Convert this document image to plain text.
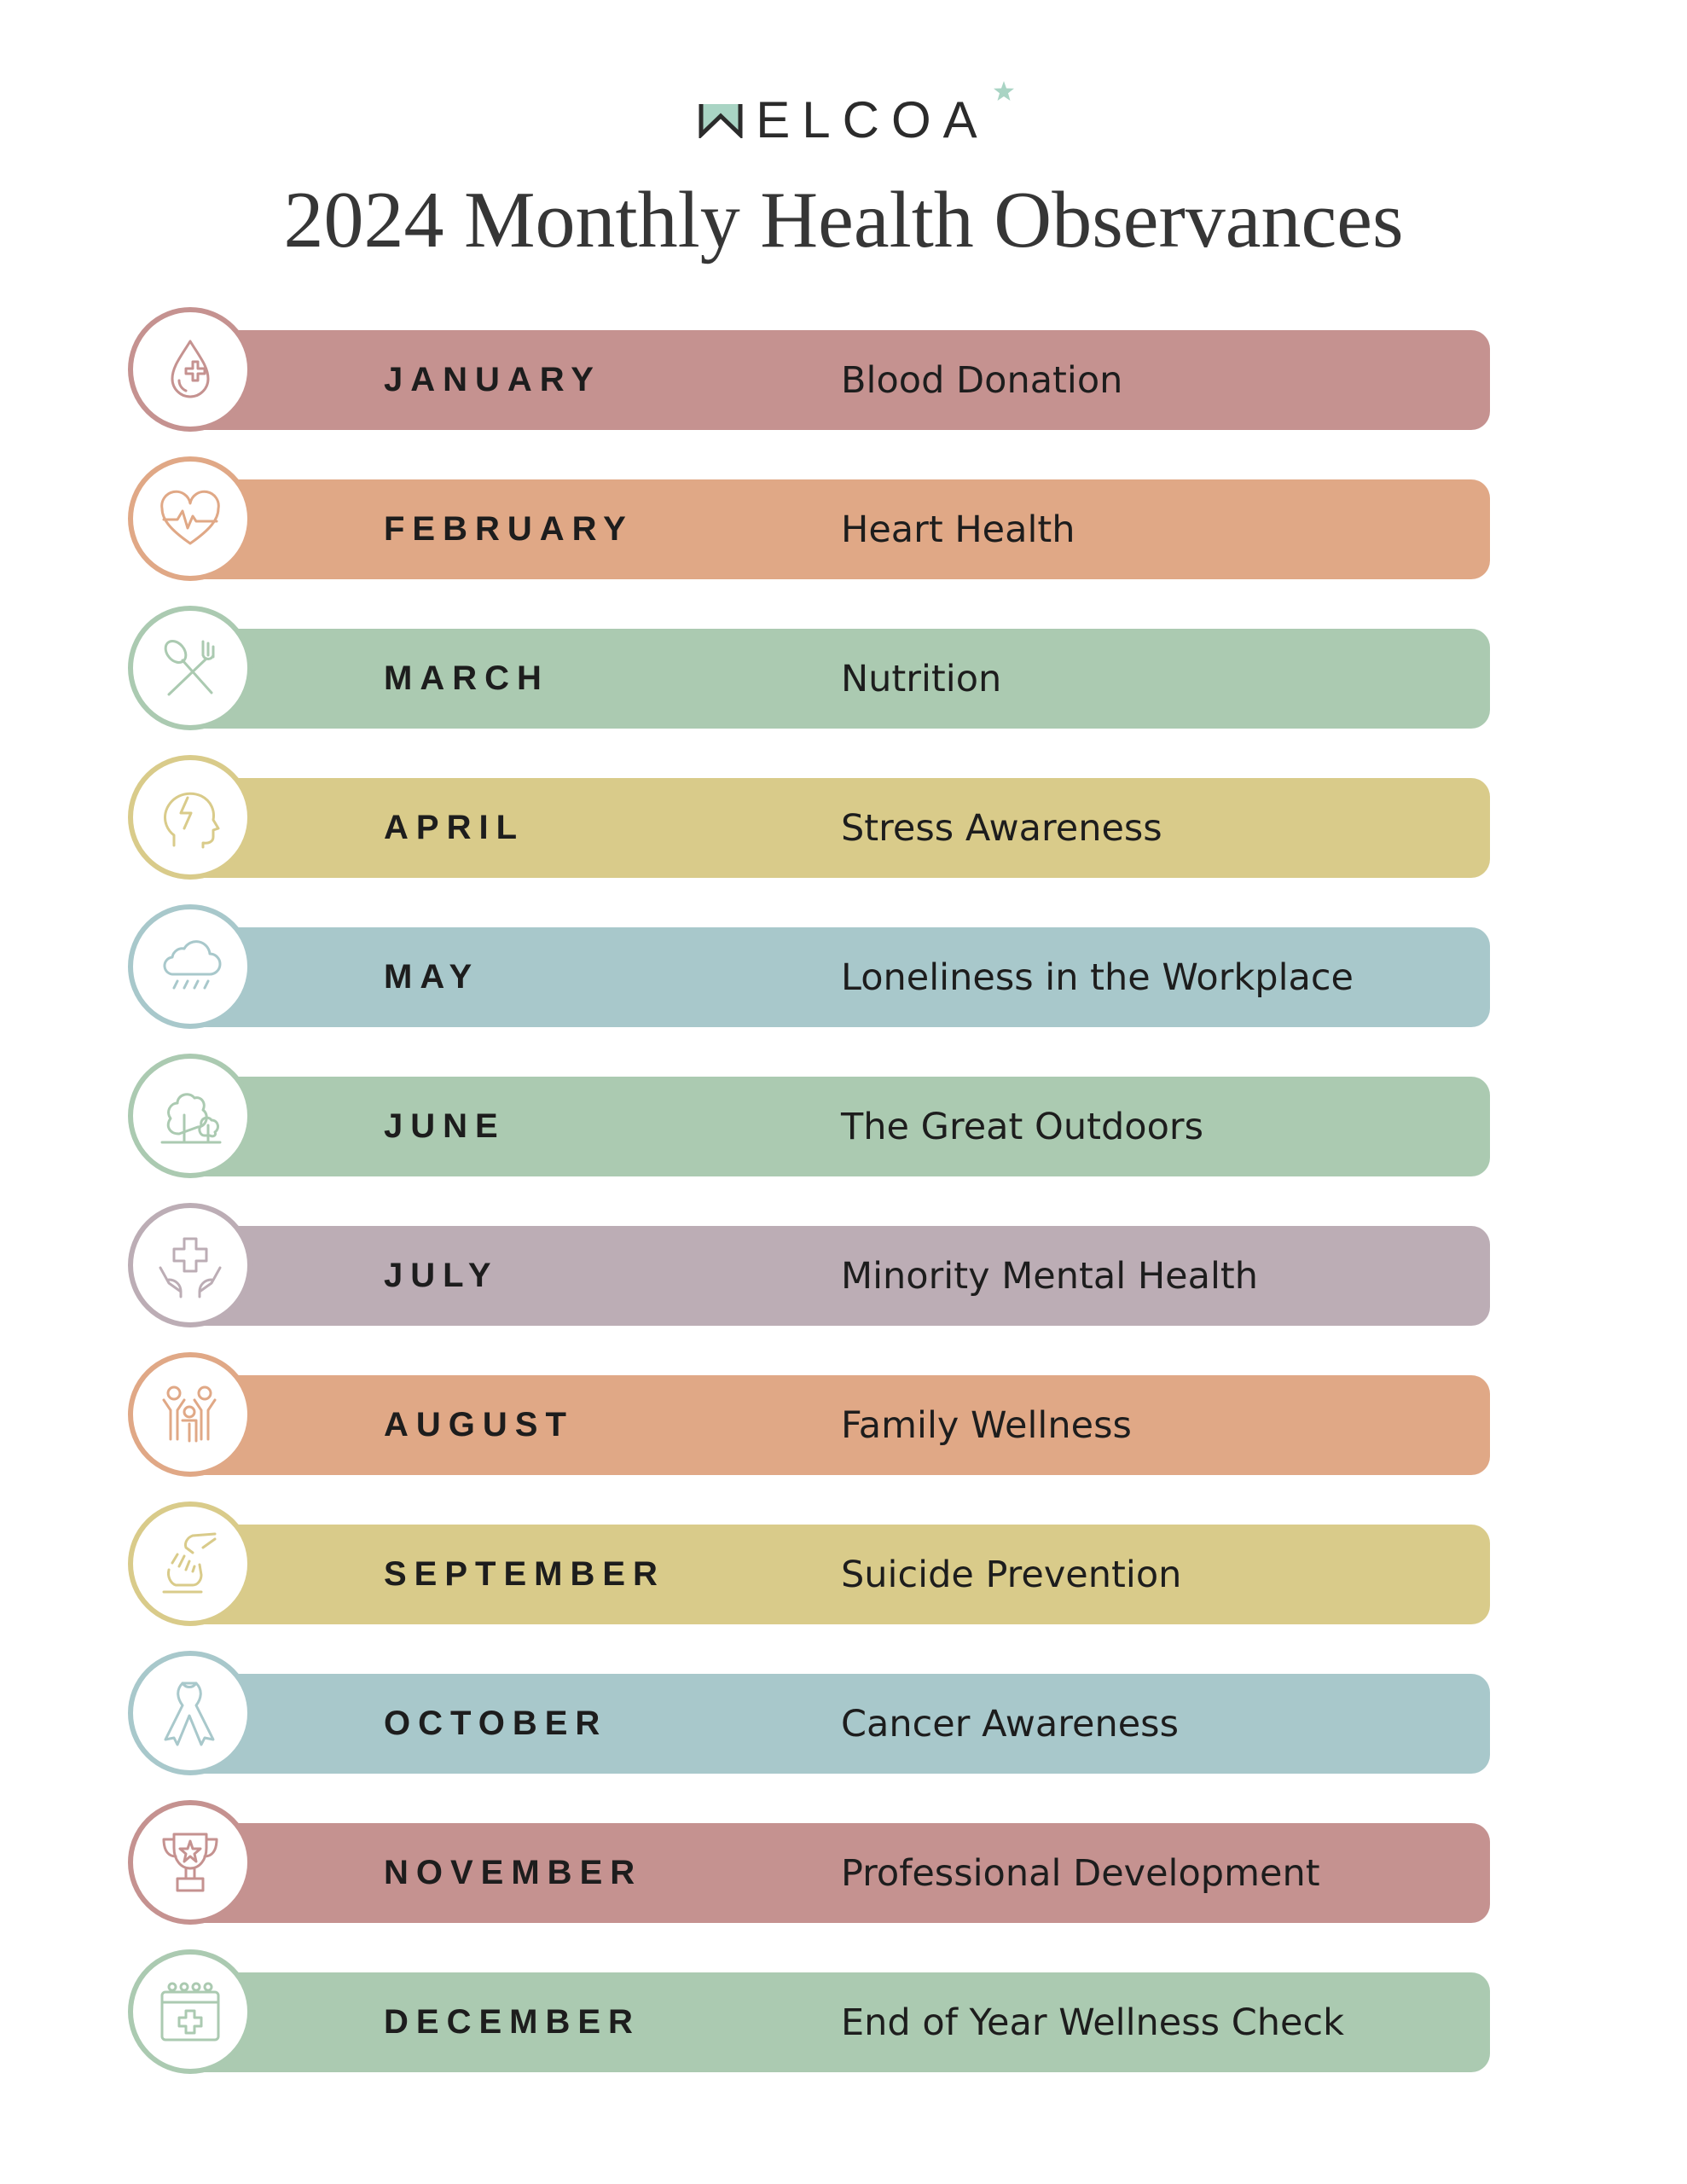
ELCOA
2024 Monthly Health Observances
JANUARY	Blood Donation
FEBRUARY	Heart Health
MARCH	Nutrition
APRIL	Stress Awareness
MAY	Loneliness in the Workplace
JUNE	The Great Outdoors
JULY	Minority Mental Health
AUGUST	Family Wellness
SEPTEMBER	Suicide Prevention
OCTOBER	Cancer Awareness
NOVEMBER	Professional Development
DECEMBER	End of Year Wellness Check
